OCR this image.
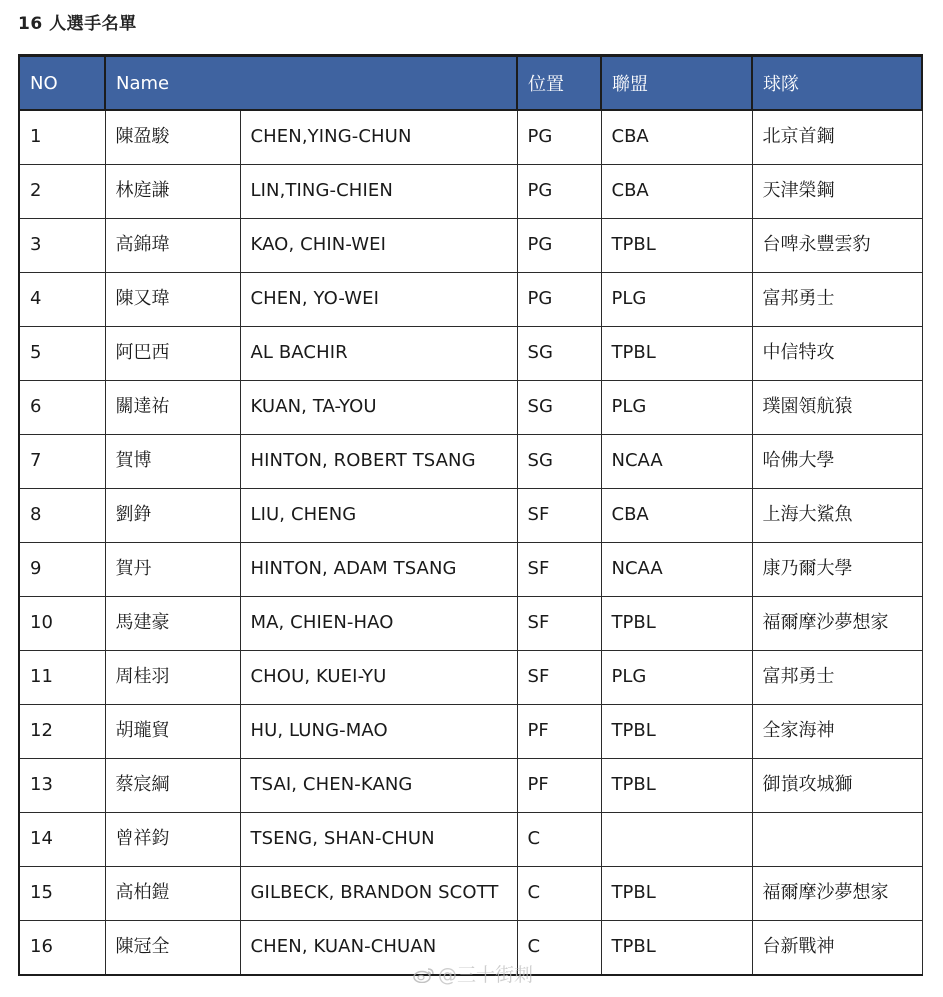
16 人選手名單
NO	Name		位置	聯盟	球隊
1	陳盈駿	CHEN,YING-CHUN	PG	CBA	北京首鋼
2	林庭謙	LIN,TING-CHIEN	PG	CBA	天津榮鋼
3	高錦瑋	KAO, CHIN-WEI	PG	TPBL	台啤永豐雲豹
4	陳又瑋	CHEN, YO-WEI	PG	PLG	富邦勇士
5	阿巴西	AL BACHIR	SG	TPBL	中信特攻
6	關達祐	KUAN, TA-YOU	SG	PLG	璞園領航猿
7	賀博	HINTON, ROBERT TSANG	SG	NCAA	哈佛大學
8	劉錚	LIU, CHENG	SF	CBA	上海大鯊魚
9	賀丹	HINTON, ADAM TSANG	SF	NCAA	康乃爾大學
10	馬建豪	MA, CHIEN-HAO	SF	TPBL	福爾摩沙夢想家
11	周桂羽	CHOU, KUEI-YU	SF	PLG	富邦勇士
12	胡瓏貿	HU, LUNG-MAO	PF	TPBL	全家海神
13	蔡宸綱	TSAI, CHEN-KANG	PF	TPBL	御嵿攻城獅
14	曾祥鈞	TSENG, SHAN-CHUN	C		
15	高柏鎧	GILBECK, BRANDON SCOTT	C	TPBL	福爾摩沙夢想家
16	陳冠全	CHEN, KUAN-CHUAN	C	TPBL	台新戰神
@三十街刺
